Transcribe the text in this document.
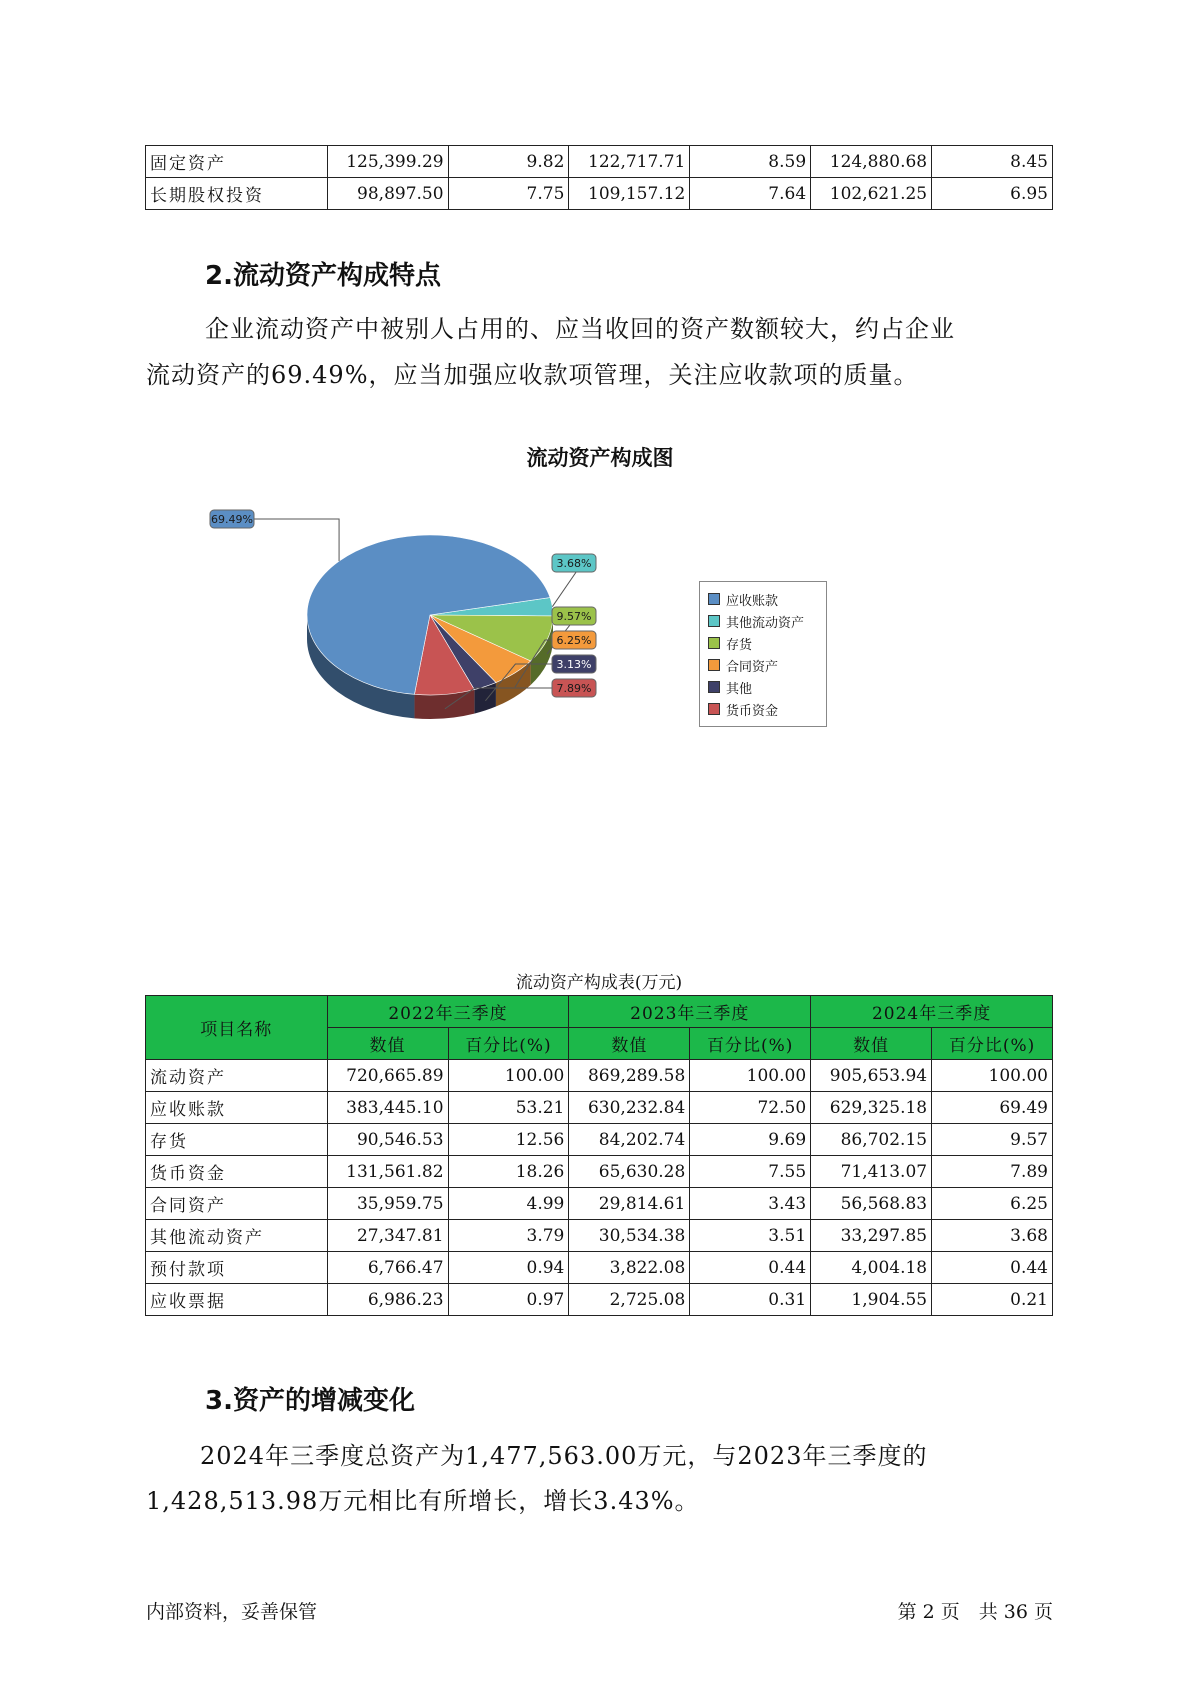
固定资产	125,399.29	9.82	122,717.71	8.59	124,880.68	8.45
长期股权投资	98,897.50	7.75	109,157.12	7.64	102,621.25	6.95
2.流动资产构成特点

企业流动资产中被别人占用的、应当收回的资产数额较大，约占企业

流动资产的69.49%，应当加强应收款项管理，关注应收款项的质量。

流动资产构成图
69.49%
3.68%
9.57%
6.25%
3.13%
7.89%
应收账款
其他流动资产
存货
合同资产
其他
货币资金
流动资产构成表(万元)
项目名称	2022年三季度		2023年三季度		2024年三季度	
	数值	百分比(%)	数值	百分比(%)	数值	百分比(%)
流动资产	720,665.89	100.00	869,289.58	100.00	905,653.94	100.00
应收账款	383,445.10	53.21	630,232.84	72.50	629,325.18	69.49
存货	90,546.53	12.56	84,202.74	9.69	86,702.15	9.57
货币资金	131,561.82	18.26	65,630.28	7.55	71,413.07	7.89
合同资产	35,959.75	4.99	29,814.61	3.43	56,568.83	6.25
其他流动资产	27,347.81	3.79	30,534.38	3.51	33,297.85	3.68
预付款项	6,766.47	0.94	3,822.08	0.44	4,004.18	0.44
应收票据	6,986.23	0.97	2,725.08	0.31	1,904.55	0.21
3.资产的增减变化

2024年三季度总资产为1,477,563.00万元，与2023年三季度的

1,428,513.98万元相比有所增长，增长3.43%。

内部资料，妥善保管	第 2 页　共 36 页
